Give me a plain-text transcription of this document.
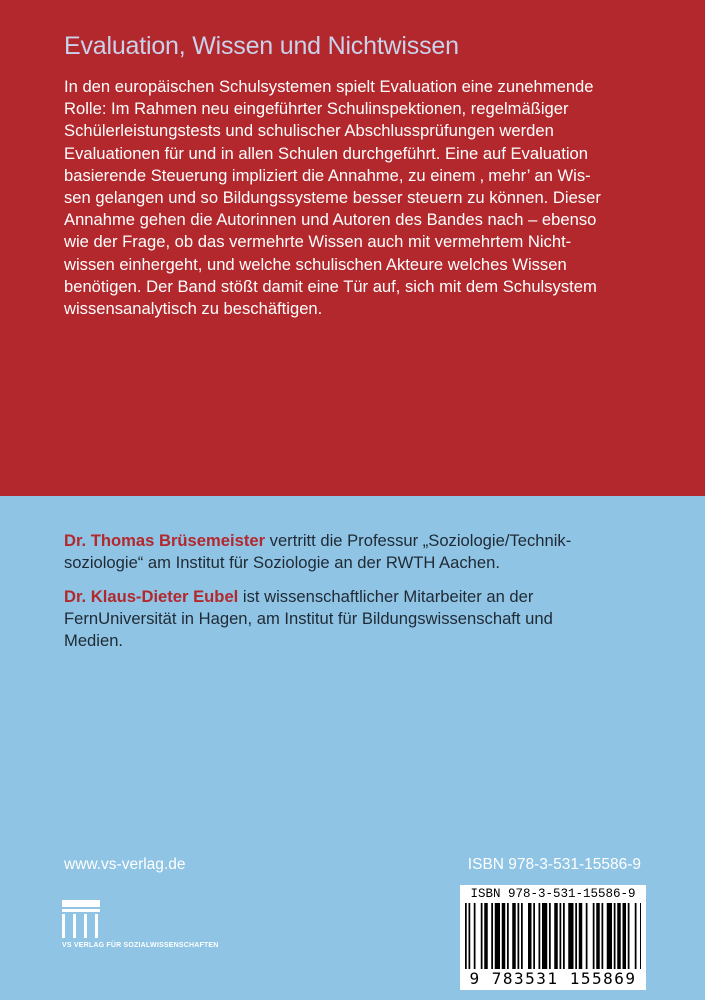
Evaluation, Wissen und Nichtwissen
In den europäischen Schulsystemen spielt Evaluation eine zunehmende
Rolle: Im Rahmen neu eingeführter Schulinspektionen, regelmäßiger
Schülerleistungstests und schulischer Abschlussprüfungen werden
Evaluationen für und in allen Schulen durchgeführt. Eine auf Evaluation
basierende Steuerung impliziert die Annahme, zu einem ‚ mehr’ an Wis-
sen gelangen und so Bildungssysteme besser steuern zu können. Dieser
Annahme gehen die Autorinnen und Autoren des Bandes nach – ebenso
wie der Frage, ob das vermehrte Wissen auch mit vermehrtem Nicht-
wissen einhergeht, und welche schulischen Akteure welches Wissen
benötigen. Der Band stößt damit eine Tür auf, sich mit dem Schulsystem
wissensanalytisch zu beschäftigen.
Dr. Thomas Brüsemeister vertritt die Professur „Soziologie/Technik-
soziologie“ am Institut für Soziologie an der RWTH Aachen.
Dr. Klaus-Dieter Eubel ist wissenschaftlicher Mitarbeiter an der
FernUniversität in Hagen, am Institut für Bildungswissenschaft und
Medien.
www.vs-verlag.de	ISBN 978-3-531-15586-9
VS VERLAG FÜR SOZIALWISSENSCHAFTEN
ISBN 978-3-531-15586-9
9 783531 155869
